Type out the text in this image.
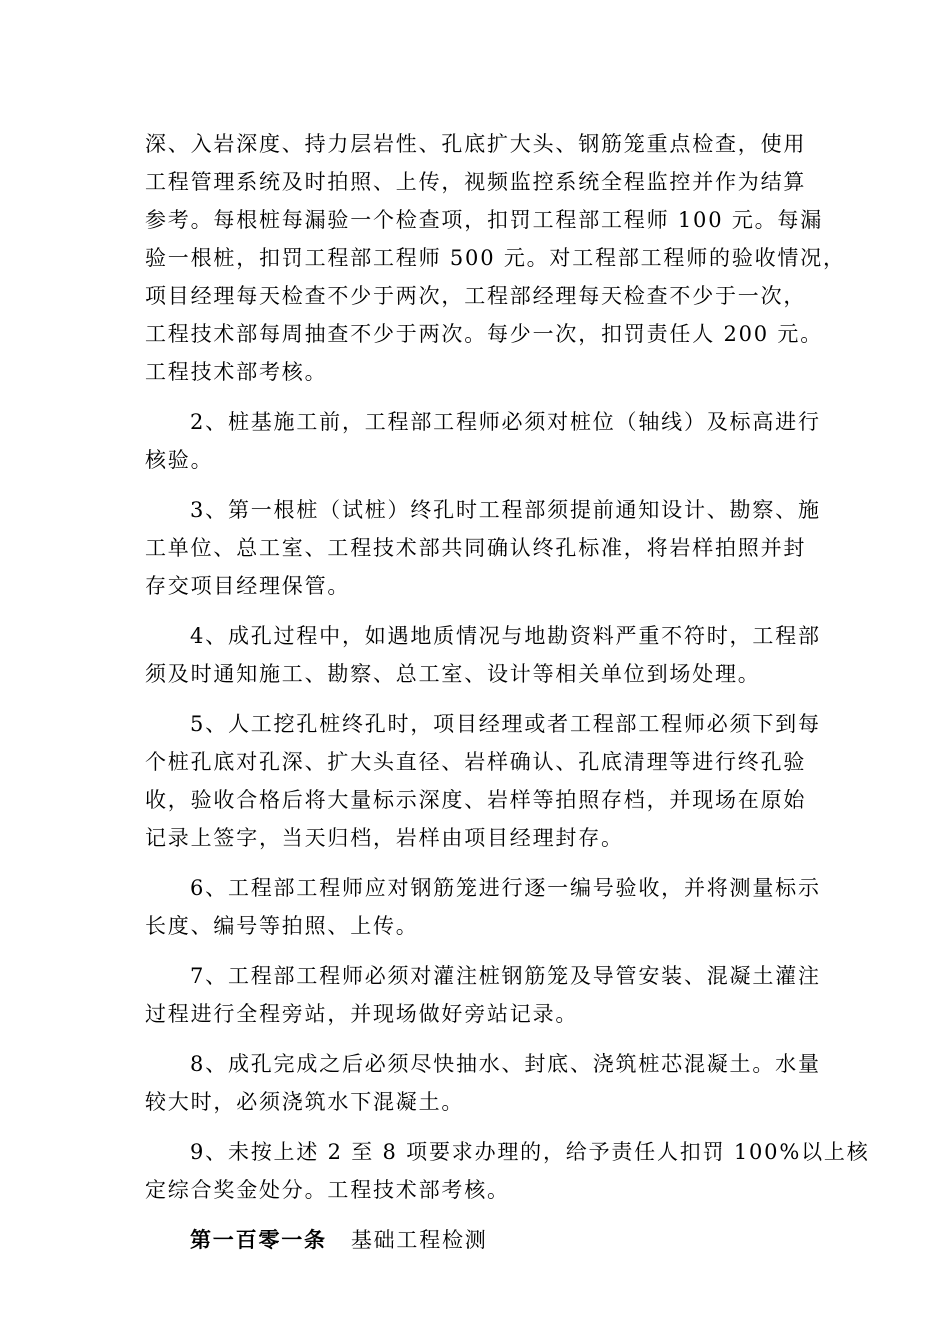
深、入岩深度、持力层岩性、孔底扩大头、钢筋笼重点检查，使用
工程管理系统及时拍照、上传，视频监控系统全程监控并作为结算
参考。每根桩每漏验一个检查项，扣罚工程部工程师 100 元。每漏
验一根桩，扣罚工程部工程师 500 元。对工程部工程师的验收情况，
项目经理每天检查不少于两次，工程部经理每天检查不少于一次，
工程技术部每周抽查不少于两次。每少一次，扣罚责任人 200 元。
工程技术部考核。

2、桩基施工前，工程部工程师必须对桩位（轴线）及标高进行
核验。

3、第一根桩（试桩）终孔时工程部须提前通知设计、勘察、施
工单位、总工室、工程技术部共同确认终孔标准，将岩样拍照并封
存交项目经理保管。

4、成孔过程中，如遇地质情况与地勘资料严重不符时，工程部
须及时通知施工、勘察、总工室、设计等相关单位到场处理。

5、人工挖孔桩终孔时，项目经理或者工程部工程师必须下到每
个桩孔底对孔深、扩大头直径、岩样确认、孔底清理等进行终孔验
收，验收合格后将大量标示深度、岩样等拍照存档，并现场在原始
记录上签字，当天归档，岩样由项目经理封存。

6、工程部工程师应对钢筋笼进行逐一编号验收，并将测量标示
长度、编号等拍照、上传。

7、工程部工程师必须对灌注桩钢筋笼及导管安装、混凝土灌注
过程进行全程旁站，并现场做好旁站记录。

8、成孔完成之后必须尽快抽水、封底、浇筑桩芯混凝土。水量
较大时，必须浇筑水下混凝土。

9、未按上述 2 至 8 项要求办理的，给予责任人扣罚 100%以上核
定综合奖金处分。工程技术部考核。

第一百零一条 基础工程检测
